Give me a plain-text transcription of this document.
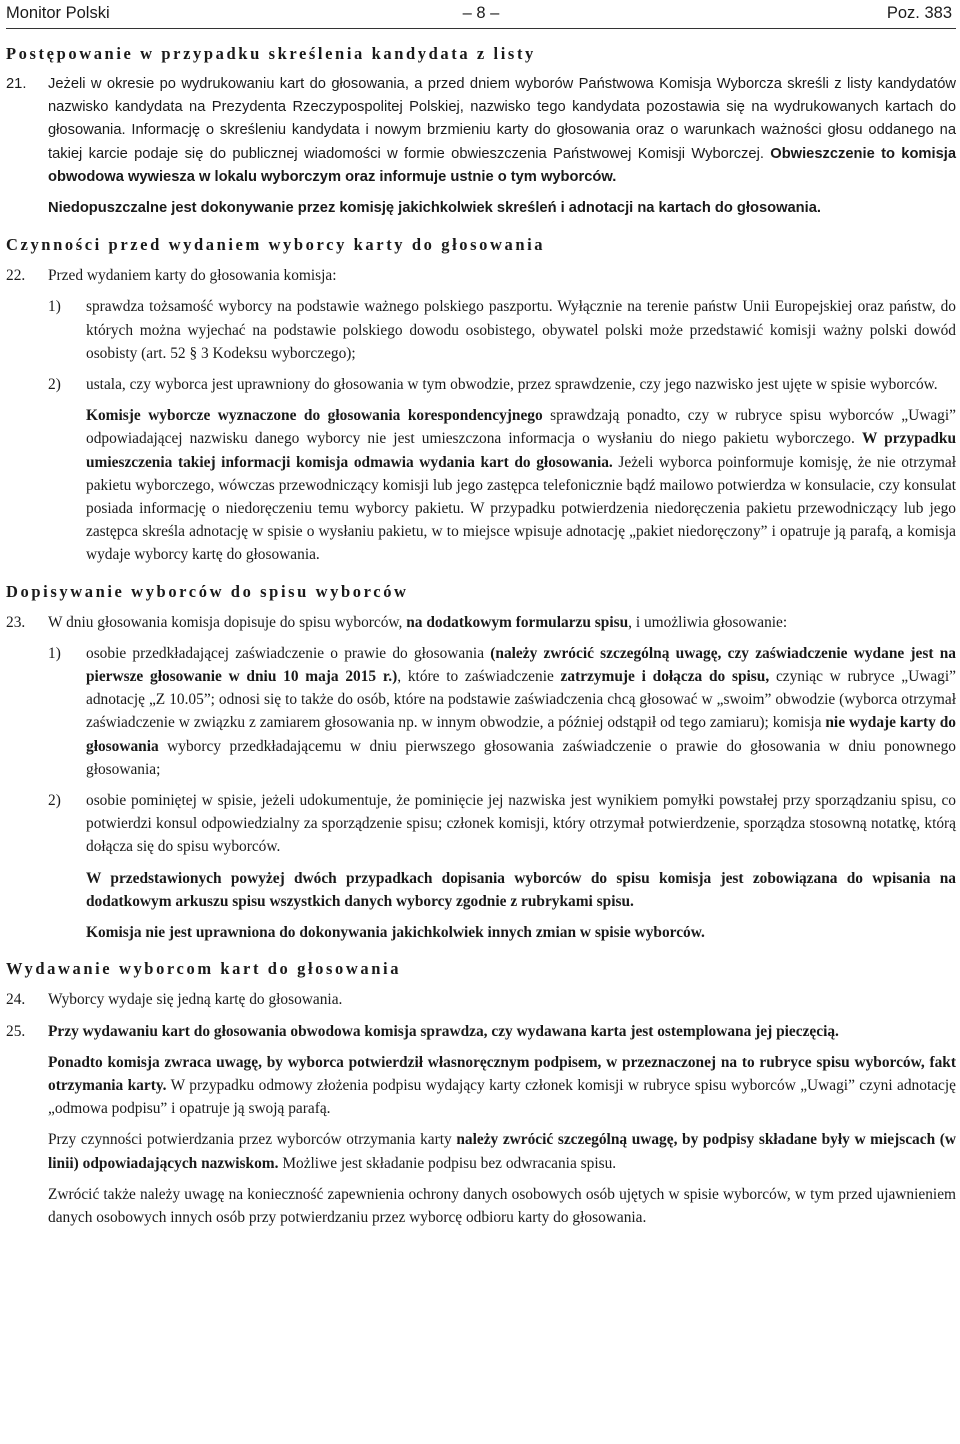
Monitor Polski	– 8 –	Poz. 383
Postępowanie w przypadku skreślenia kandydata z listy
21. Jeżeli w okresie po wydrukowaniu kart do głosowania, a przed dniem wyborów Państwowa Komisja Wyborcza skreśli z listy kandydatów nazwisko kandydata na Prezydenta Rzeczypospolitej Polskiej, nazwisko tego kandydata pozostawia się na wydrukowanych kartach do głosowania. Informację o skreśleniu kandydata i nowym brzmieniu karty do głosowania oraz o warunkach ważności głosu oddanego na takiej karcie podaje się do publicznej wiadomości w formie obwieszczenia Państwowej Komisji Wyborczej. Obwieszczenie to komisja obwodowa wywiesza w lokalu wyborczym oraz informuje ustnie o tym wyborców.
Niedopuszczalne jest dokonywanie przez komisję jakichkolwiek skreśleń i adnotacji na kartach do głosowania.
Czynności przed wydaniem wyborcy karty do głosowania
22. Przed wydaniem karty do głosowania komisja:
1) sprawdza tożsamość wyborcy na podstawie ważnego polskiego paszportu. Wyłącznie na terenie państw Unii Europejskiej oraz państw, do których można wyjechać na podstawie polskiego dowodu osobistego, obywatel polski może przedstawić komisji ważny polski dowód osobisty (art. 52 § 3 Kodeksu wyborczego);
2) ustala, czy wyborca jest uprawniony do głosowania w tym obwodzie, przez sprawdzenie, czy jego nazwisko jest ujęte w spisie wyborców.
Komisje wyborcze wyznaczone do głosowania korespondencyjnego sprawdzają ponadto, czy w rubryce spisu wyborców „Uwagi” odpowiadającej nazwisku danego wyborcy nie jest umieszczona informacja o wysłaniu do niego pakietu wyborczego. W przypadku umieszczenia takiej informacji komisja odmawia wydania kart do głosowania. Jeżeli wyborca poinformuje komisję, że nie otrzymał pakietu wyborczego, wówczas przewodniczący komisji lub jego zastępca telefonicznie bądź mailowo potwierdza w konsulacie, czy konsulat posiada informację o niedoręczeniu temu wyborcy pakietu. W przypadku potwierdzenia niedoręczenia pakietu przewodniczący lub jego zastępca skreśla adnotację w spisie o wysłaniu pakietu, w to miejsce wpisuje adnotację „pakiet niedoręczony” i opatruje ją parafą, a komisja wydaje wyborcy kartę do głosowania.
Dopisywanie wyborców do spisu wyborców
23. W dniu głosowania komisja dopisuje do spisu wyborców, na dodatkowym formularzu spisu, i umożliwia głosowanie:
1) osobie przedkładającej zaświadczenie o prawie do głosowania (należy zwrócić szczególną uwagę, czy zaświadczenie wydane jest na pierwsze głosowanie w dniu 10 maja 2015 r.), które to zaświadczenie zatrzymuje i dołącza do spisu, czyniąc w rubryce „Uwagi” adnotację „Z 10.05”; odnosi się to także do osób, które na podstawie zaświadczenia chcą głosować w „swoim” obwodzie (wyborca otrzymał zaświadczenie w związku z zamiarem głosowania np. w innym obwodzie, a później odstąpił od tego zamiaru); komisja nie wydaje karty do głosowania wyborcy przedkładającemu w dniu pierwszego głosowania zaświadczenie o prawie do głosowania w dniu ponownego głosowania;
2) osobie pominiętej w spisie, jeżeli udokumentuje, że pominięcie jej nazwiska jest wynikiem pomyłki powstałej przy sporządzaniu spisu, co potwierdzi konsul odpowiedzialny za sporządzenie spisu; członek komisji, który otrzymał potwierdzenie, sporządza stosowną notatkę, którą dołącza się do spisu wyborców.
W przedstawionych powyżej dwóch przypadkach dopisania wyborców do spisu komisja jest zobowiązana do wpisania na dodatkowym arkuszu spisu wszystkich danych wyborcy zgodnie z rubrykami spisu.
Komisja nie jest uprawniona do dokonywania jakichkolwiek innych zmian w spisie wyborców.
Wydawanie wyborcom kart do głosowania
24. Wyborcy wydaje się jedną kartę do głosowania.
25. Przy wydawaniu kart do głosowania obwodowa komisja sprawdza, czy wydawana karta jest ostemplowana jej pieczęcią.
Ponadto komisja zwraca uwagę, by wyborca potwierdził własnoręcznym podpisem, w przeznaczonej na to rubryce spisu wyborców, fakt otrzymania karty. W przypadku odmowy złożenia podpisu wydający karty członek komisji w rubryce spisu wyborców „Uwagi” czyni adnotację „odmowa podpisu” i opatruje ją swoją parafą.
Przy czynności potwierdzania przez wyborców otrzymania karty należy zwrócić szczególną uwagę, by podpisy składane były w miejscach (w linii) odpowiadających nazwiskom. Możliwe jest składanie podpisu bez odwracania spisu.
Zwrócić także należy uwagę na konieczność zapewnienia ochrony danych osobowych osób ujętych w spisie wyborców, w tym przed ujawnieniem danych osobowych innych osób przy potwierdzaniu przez wyborcę odbioru karty do głosowania.
